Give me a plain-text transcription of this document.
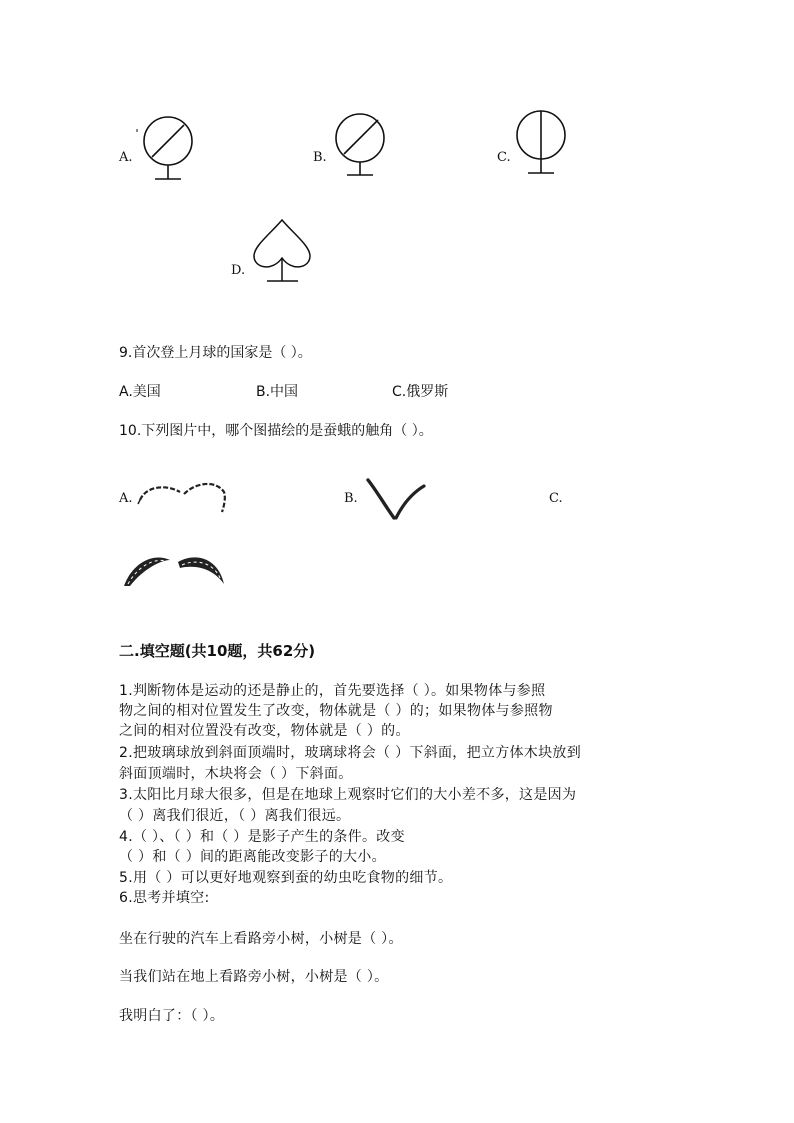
A.	B.	C.
D.
9.首次登上月球的国家是（ ）。
A.美国	B.中国	C.俄罗斯
10.下列图片中，哪个图描绘的是蚕蛾的触角（ ）。
A.	B.	C.
二.填空题(共10题，共62分)
1.判断物体是运动的还是静止的，首先要选择（ ）。如果物体与参照
物之间的相对位置发生了改变，物体就是（ ）的；如果物体与参照物
之间的相对位置没有改变，物体就是（ ）的。
2.把玻璃球放到斜面顶端时，玻璃球将会（ ）下斜面，把立方体木块放到
斜面顶端时，木块将会（ ）下斜面。
3.太阳比月球大很多，但是在地球上观察时它们的大小差不多，这是因为
（ ）离我们很近，（ ）离我们很远。
4.（ ）、（ ）和（ ）是影子产生的条件。改变
（ ）和（ ）间的距离能改变影子的大小。
5.用（ ）可以更好地观察到蚕的幼虫吃食物的细节。
6.思考并填空:
坐在行驶的汽车上看路旁小树，小树是（ ）。
当我们站在地上看路旁小树，小树是（ ）。
我明白了：（ ）。
